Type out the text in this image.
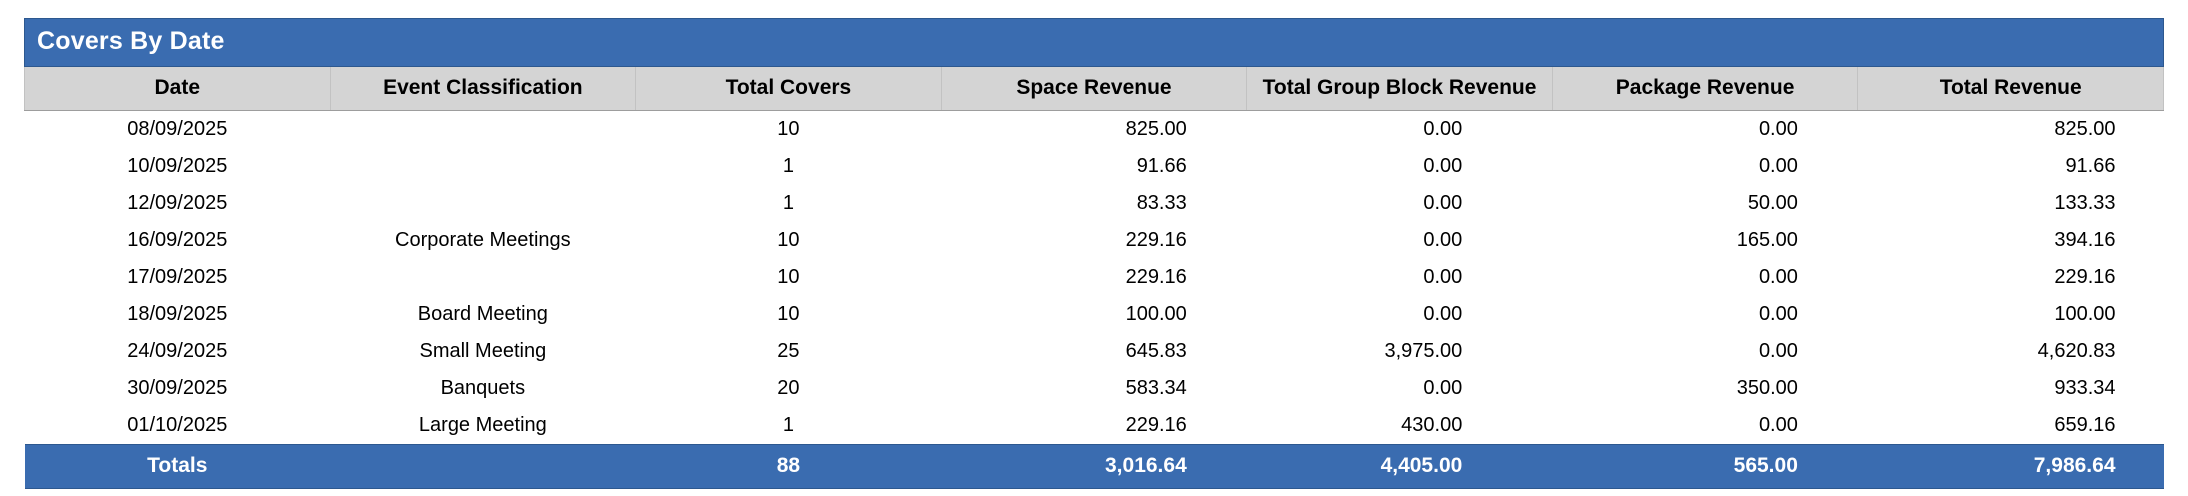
Covers By Date						
Date	Event Classification	Total Covers	Space Revenue	Total Group Block Revenue	Package Revenue	Total Revenue
08/09/2025		10	825.00	0.00	0.00	825.00
10/09/2025		1	91.66	0.00	0.00	91.66
12/09/2025		1	83.33	0.00	50.00	133.33
16/09/2025	Corporate Meetings	10	229.16	0.00	165.00	394.16
17/09/2025		10	229.16	0.00	0.00	229.16
18/09/2025	Board Meeting	10	100.00	0.00	0.00	100.00
24/09/2025	Small Meeting	25	645.83	3,975.00	0.00	4,620.83
30/09/2025	Banquets	20	583.34	0.00	350.00	933.34
01/10/2025	Large Meeting	1	229.16	430.00	0.00	659.16
Totals		88	3,016.64	4,405.00	565.00	7,986.64
